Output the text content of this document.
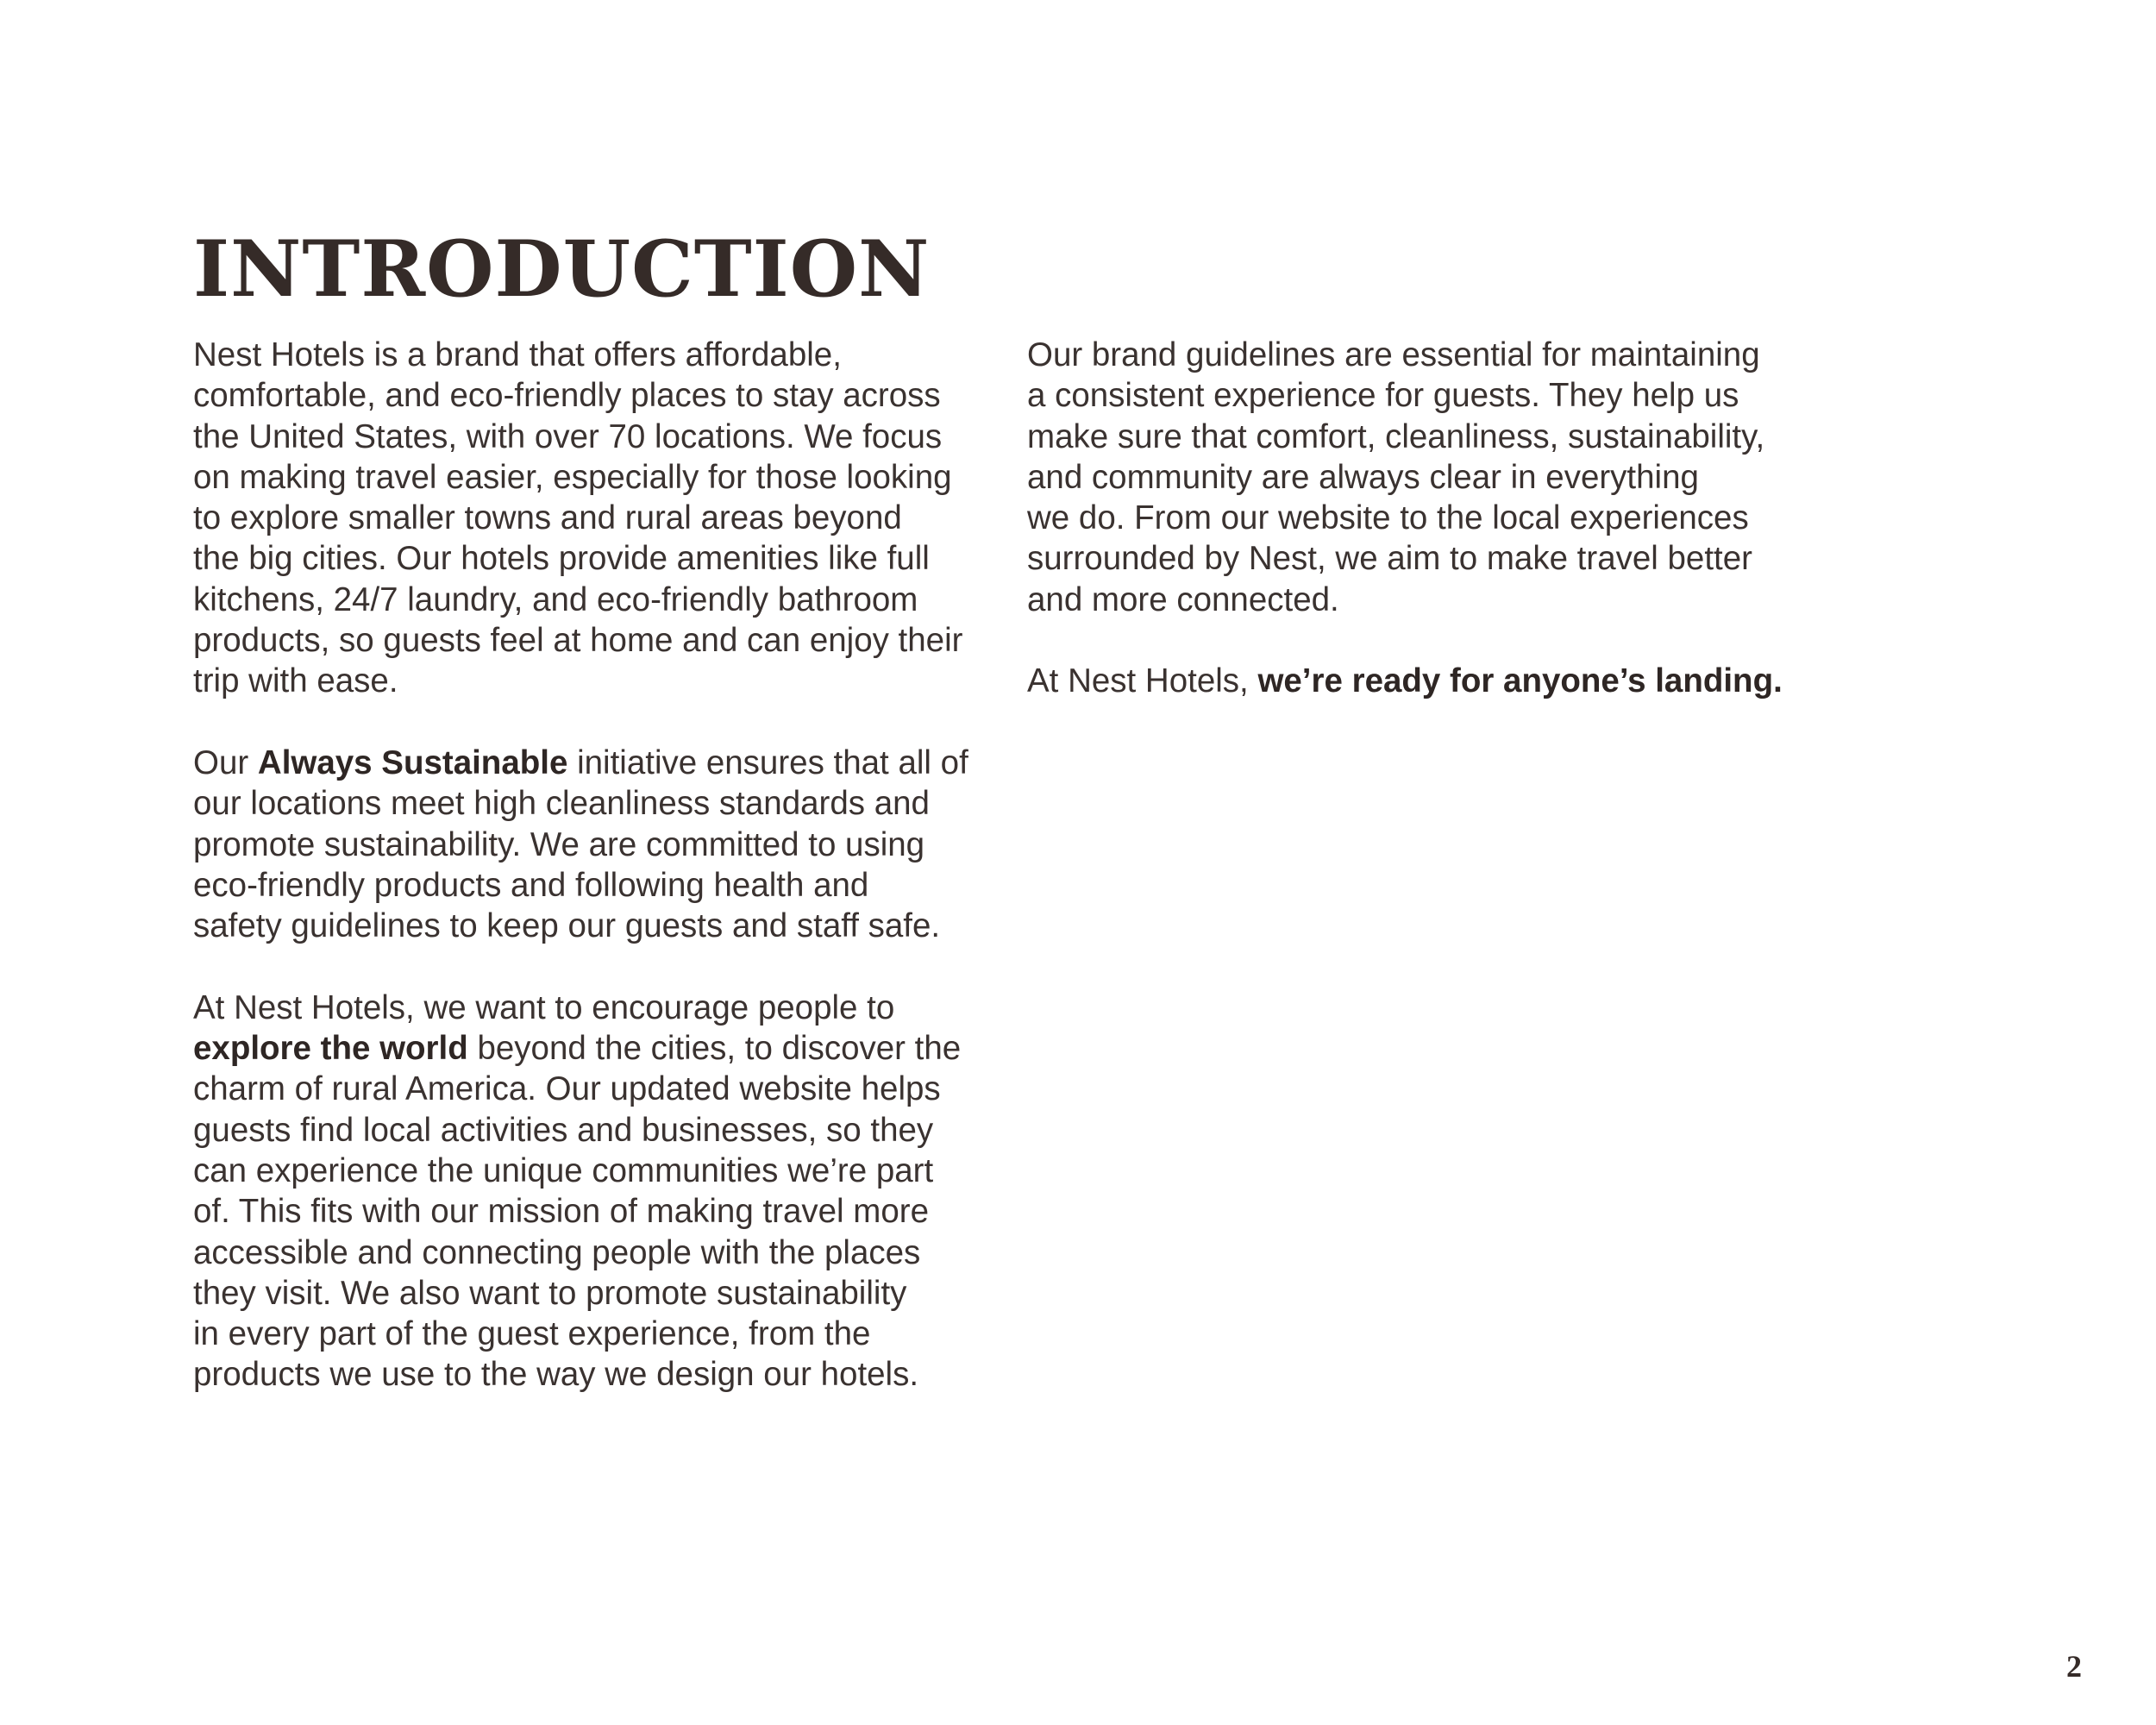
INTRODUCTION

Nest Hotels is a brand that offers affordable,
comfortable, and eco-friendly places to stay across
the United States, with over 70 locations. We focus
on making travel easier, especially for those looking
to explore smaller towns and rural areas beyond
the big cities. Our hotels provide amenities like full
kitchens, 24/7 laundry, and eco-friendly bathroom
products, so guests feel at home and can enjoy their
trip with ease.

Our Always Sustainable initiative ensures that all of
our locations meet high cleanliness standards and
promote sustainability. We are committed to using
eco-friendly products and following health and
safety guidelines to keep our guests and staff safe.

At Nest Hotels, we want to encourage people to
explore the world beyond the cities, to discover the
charm of rural America. Our updated website helps
guests find local activities and businesses, so they
can experience the unique communities we’re part
of. This fits with our mission of making travel more
accessible and connecting people with the places
they visit. We also want to promote sustainability
in every part of the guest experience, from the
products we use to the way we design our hotels.

Our brand guidelines are essential for maintaining
a consistent experience for guests. They help us
make sure that comfort, cleanliness, sustainability,
and community are always clear in everything
we do. From our website to the local experiences
surrounded by Nest, we aim to make travel better
and more connected.

At Nest Hotels, we’re ready for anyone’s landing.

2
